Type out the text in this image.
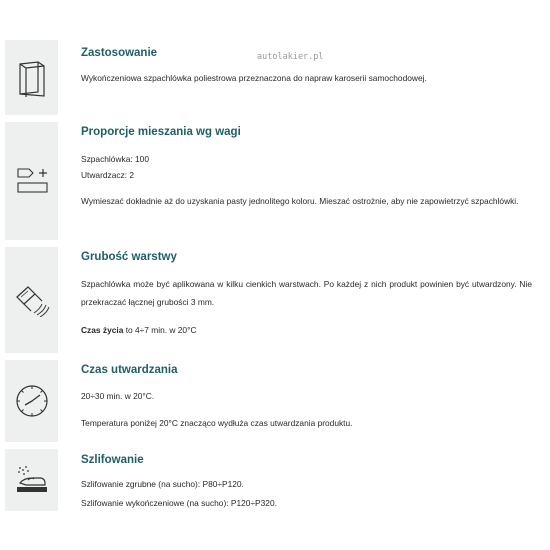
autolakier.pl
Zastosowanie

Wykończeniowa szpachlówka poliestrowa przeznaczona do napraw karoserii samochodowej.

Proporcje mieszania wg wagi

Szpachlówka: 100

Utwardzacz: 2

Wymieszać dokładnie aż do uzyskania pasty jednolitego koloru. Mieszać ostrożnie, aby nie zapowietrzyć szpachlówki.

Grubość warstwy

Szpachlówka może być aplikowana w kilku cienkich warstwach. Po każdej z nich produkt powinien być utwardzony. Nie przekraczać łącznej grubości 3 mm.

Czas życia to 4÷7 min. w 20°C

Czas utwardzania

20÷30 min. w 20°C.

Temperatura poniżej 20°C znacząco wydłuża czas utwardzania produktu.

Szlifowanie

Szlifowanie zgrubne (na sucho): P80÷P120.

Szlifowanie wykończeniowe (na sucho): P120÷P320.
